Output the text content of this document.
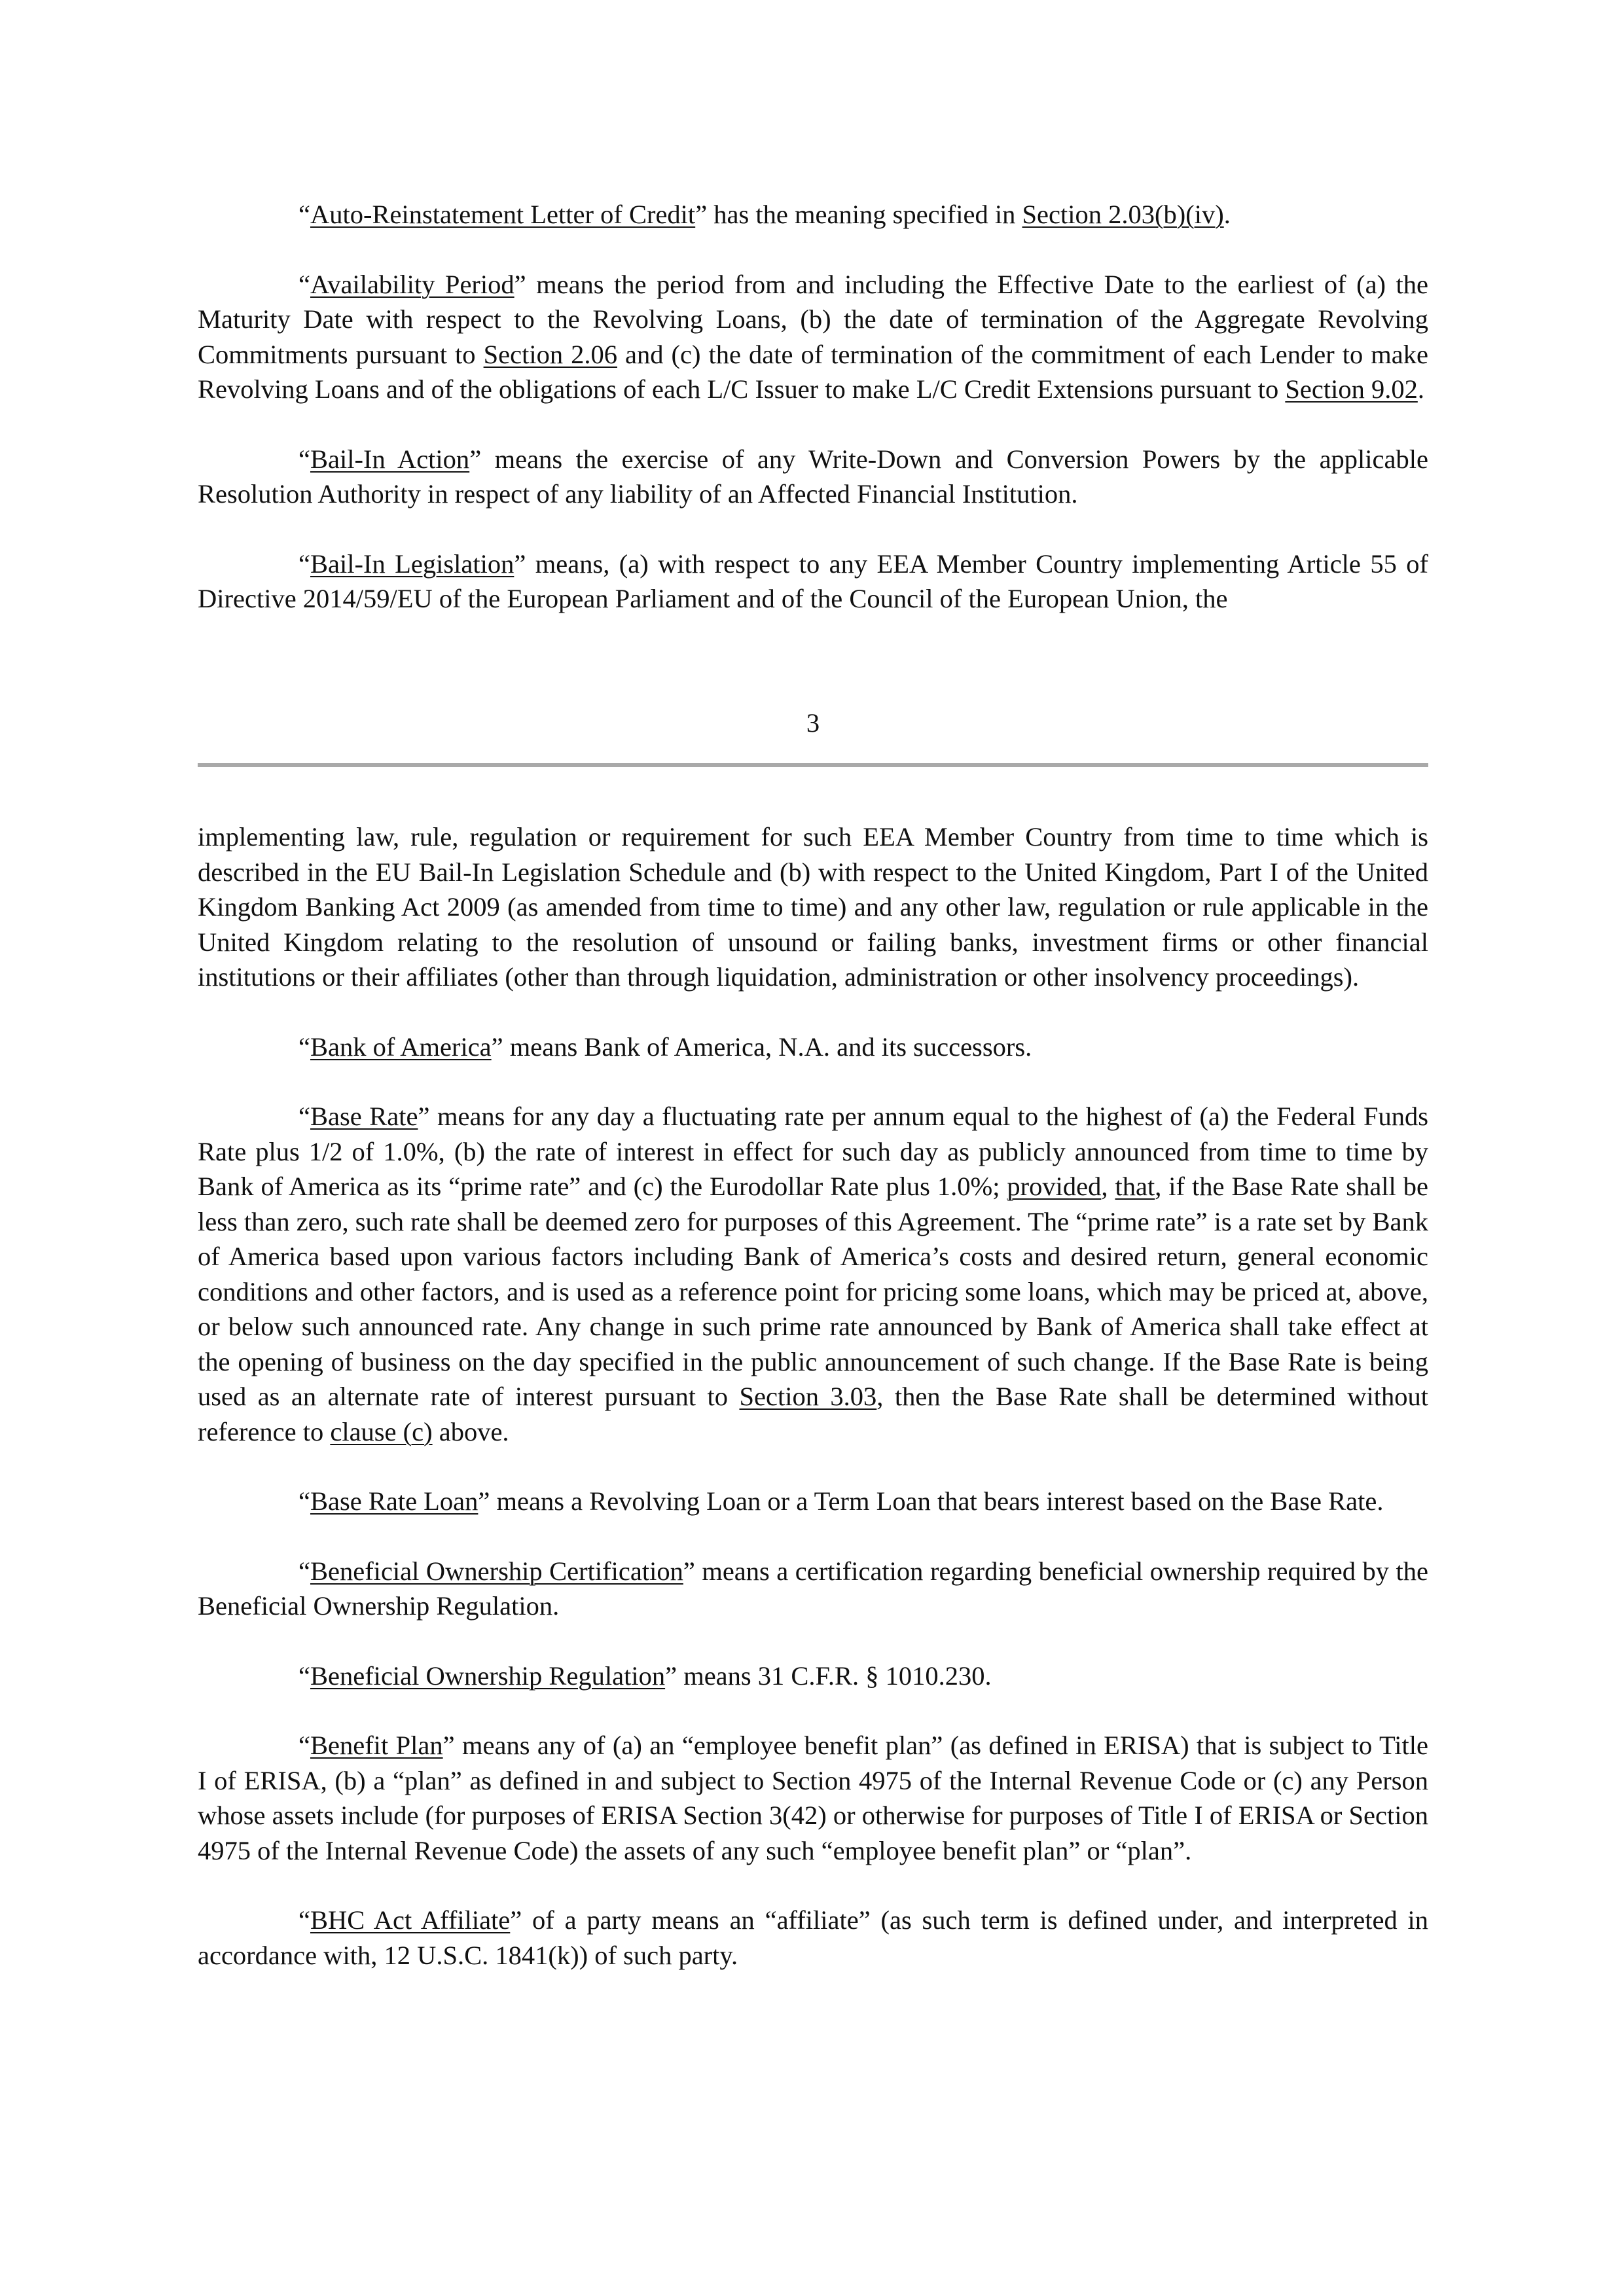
“Auto-Reinstatement Letter of Credit” has the meaning specified in Section 2.03(b)(iv).

“Availability Period” means the period from and including the Effective Date to the earliest of (a) the Maturity Date with respect to the Revolving Loans, (b) the date of termination of the Aggregate Revolving Commitments pursuant to Section 2.06 and (c) the date of termination of the commitment of each Lender to make Revolving Loans and of the obligations of each L/C Issuer to make L/C Credit Extensions pursuant to Section 9.02.

“Bail-In Action” means the exercise of any Write-Down and Conversion Powers by the applicable Resolution Authority in respect of any liability of an Affected Financial Institution.

“Bail-In Legislation” means, (a) with respect to any EEA Member Country implementing Article 55 of Directive 2014/59/EU of the European Parliament and of the Council of the European Union, the

3

implementing law, rule, regulation or requirement for such EEA Member Country from time to time which is described in the EU Bail-In Legislation Schedule and (b) with respect to the United Kingdom, Part I of the United Kingdom Banking Act 2009 (as amended from time to time) and any other law, regulation or rule applicable in the United Kingdom relating to the resolution of unsound or failing banks, investment firms or other financial institutions or their affiliates (other than through liquidation, administration or other insolvency proceedings).

“Bank of America” means Bank of America, N.A. and its successors.

“Base Rate” means for any day a fluctuating rate per annum equal to the highest of (a) the Federal Funds Rate plus 1/2 of 1.0%, (b) the rate of interest in effect for such day as publicly announced from time to time by Bank of America as its “prime rate” and (c) the Eurodollar Rate plus 1.0%; provided, that, if the Base Rate shall be less than zero, such rate shall be deemed zero for purposes of this Agreement. The “prime rate” is a rate set by Bank of America based upon various factors including Bank of America’s costs and desired return, general economic conditions and other factors, and is used as a reference point for pricing some loans, which may be priced at, above, or below such announced rate. Any change in such prime rate announced by Bank of America shall take effect at the opening of business on the day specified in the public announcement of such change. If the Base Rate is being used as an alternate rate of interest pursuant to Section 3.03, then the Base Rate shall be determined without reference to clause (c) above.

“Base Rate Loan” means a Revolving Loan or a Term Loan that bears interest based on the Base Rate.

“Beneficial Ownership Certification” means a certification regarding beneficial ownership required by the Beneficial Ownership Regulation.

“Beneficial Ownership Regulation” means 31 C.F.R. § 1010.230.

“Benefit Plan” means any of (a) an “employee benefit plan” (as defined in ERISA) that is subject to Title I of ERISA, (b) a “plan” as defined in and subject to Section 4975 of the Internal Revenue Code or (c) any Person whose assets include (for purposes of ERISA Section 3(42) or otherwise for purposes of Title I of ERISA or Section 4975 of the Internal Revenue Code) the assets of any such “employee benefit plan” or “plan”.

“BHC Act Affiliate” of a party means an “affiliate” (as such term is defined under, and interpreted in accordance with, 12 U.S.C. 1841(k)) of such party.
